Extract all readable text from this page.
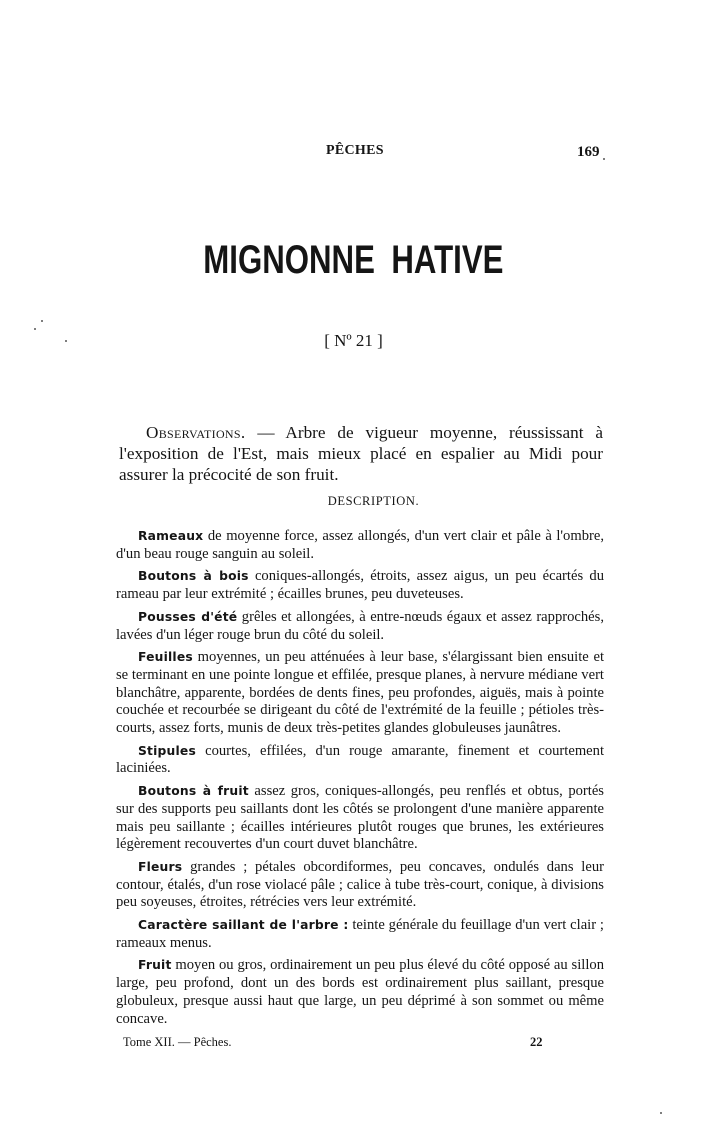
PÊCHES	169
MIGNONNE HATIVE
[ Nº 21 ]

Observations. — Arbre de vigueur moyenne, réussissant à l'exposition de l'Est, mais mieux placé en espalier au Midi pour assurer la précocité de son fruit.

DESCRIPTION.

Rameaux de moyenne force, assez allongés, d'un vert clair et pâle à l'ombre, d'un beau rouge sanguin au soleil.

Boutons à bois coniques-allongés, étroits, assez aigus, un peu écartés du rameau par leur extrémité ; écailles brunes, peu duveteuses.

Pousses d'été grêles et allongées, à entre-nœuds égaux et assez rapprochés, lavées d'un léger rouge brun du côté du soleil.

Feuilles moyennes, un peu atténuées à leur base, s'élargissant bien ensuite et se terminant en une pointe longue et effilée, presque planes, à nervure médiane vert blanchâtre, apparente, bordées de dents fines, peu profondes, aiguës, mais à pointe couchée et recourbée se dirigeant du côté de l'extrémité de la feuille ; pétioles très-courts, assez forts, munis de deux très-petites glandes globuleuses jaunâtres.

Stipules courtes, effilées, d'un rouge amarante, finement et courtement laciniées.

Boutons à fruit assez gros, coniques-allongés, peu renflés et obtus, portés sur des supports peu saillants dont les côtés se prolongent d'une manière apparente mais peu saillante ; écailles intérieures plutôt rouges que brunes, les extérieures légèrement recouvertes d'un court duvet blanchâtre.

Fleurs grandes ; pétales obcordiformes, peu concaves, ondulés dans leur contour, étalés, d'un rose violacé pâle ; calice à tube très-court, conique, à divisions peu soyeuses, étroites, rétrécies vers leur extrémité.

Caractère saillant de l'arbre : teinte générale du feuillage d'un vert clair ; rameaux menus.

Fruit moyen ou gros, ordinairement un peu plus élevé du côté opposé au sillon large, peu profond, dont un des bords est ordinairement plus saillant, presque globuleux, presque aussi haut que large, un peu déprimé à son sommet ou même concave.

Tome XII. — Pêches.	22
